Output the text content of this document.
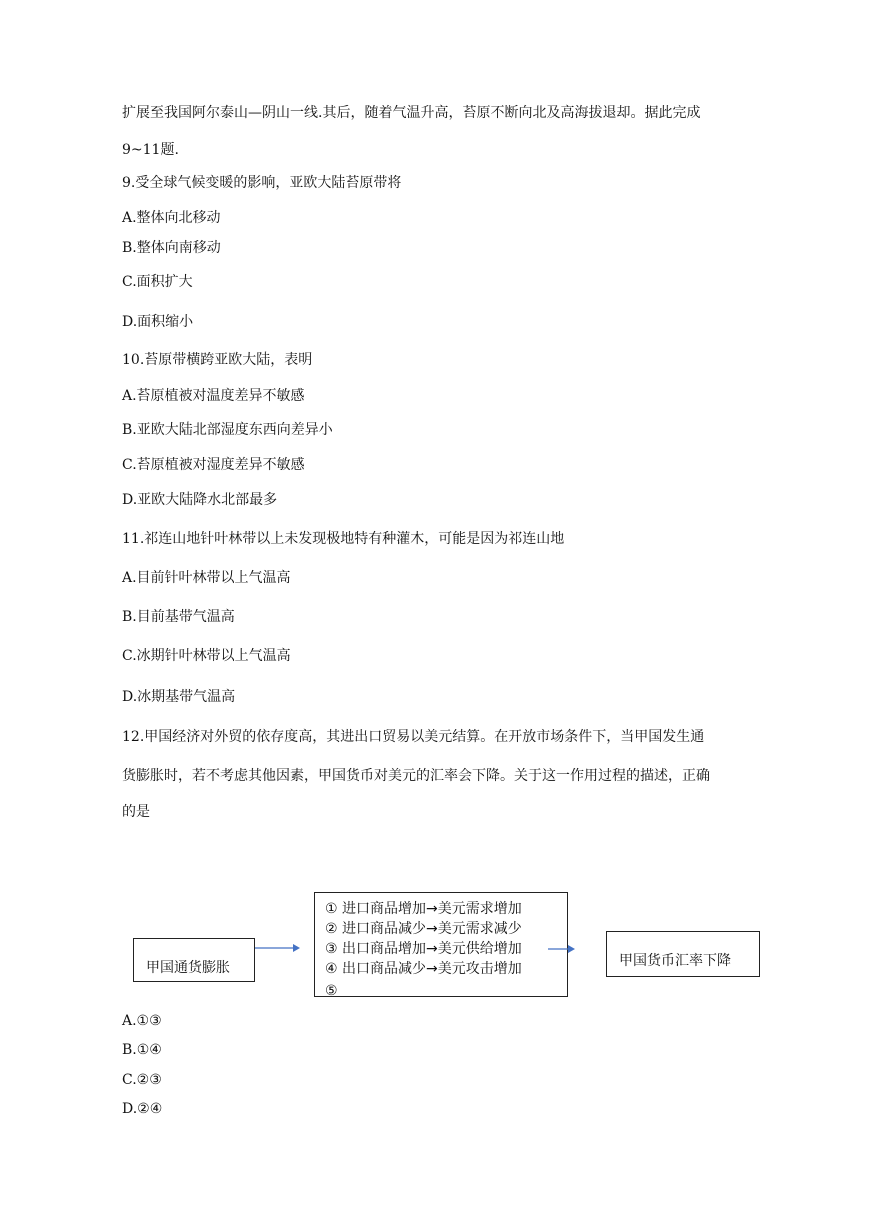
扩展至我国阿尔泰山—阴山一线.其后，随着气温升高，苔原不断向北及高海拔退却。据此完成
9~11题.
9.受全球气候变暖的影响，亚欧大陆苔原带将
A.整体向北移动
B.整体向南移动
C.面积扩大
D.面积缩小
10.苔原带横跨亚欧大陆，表明
A.苔原植被对温度差异不敏感
B.亚欧大陆北部湿度东西向差异小
C.苔原植被对湿度差异不敏感
D.亚欧大陆降水北部最多
11.祁连山地针叶林带以上未发现极地特有种灌木，可能是因为祁连山地
A.目前针叶林带以上气温高
B.目前基带气温高
C.冰期针叶林带以上气温高
D.冰期基带气温高
12.甲国经济对外贸的依存度高，其进出口贸易以美元结算。在开放市场条件下，当甲国发生通
货膨胀时，若不考虑其他因素，甲国货币对美元的汇率会下降。关于这一作用过程的描述，正确
的是
甲国通货膨胀
① 进口商品增加→美元需求增加
② 进口商品减少→美元需求减少
③ 出口商品增加→美元供给增加
④ 出口商品减少→美元攻击增加
⑤
甲国货币汇率下降
A.①③
B.①④
C.②③
D.②④
